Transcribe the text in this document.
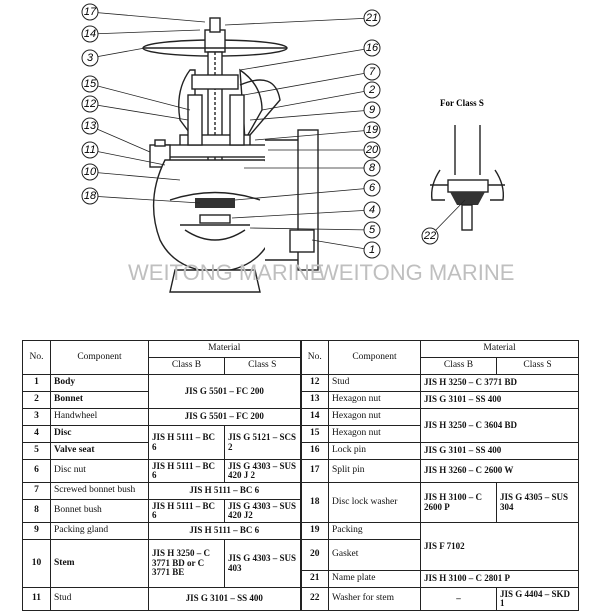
WEITONG MARINE
WEITONG MARINE
For Class S
17
14
3
15
12
13
11
10
18
21
16
7
2
9
19
20
8
6
4
5
1
22
No.	Component	Material		No.	Component	Material	
		Class B	Class S			Class B	Class S
1	Body	JIS G 5501 – FC 200		12	Stud	JIS H 3250 – C 3771 BD	
2	Bonnet			13	Hexagon nut	JIS G 3101 – SS 400	
3	Handwheel	JIS G 5501 – FC 200		14	Hexagon nut	JIS H 3250 – C 3604 BD	
4	Disc	JIS H 5111 – BC 6	JIS G 5121 – SCS 2	15	Hexagon nut		
5	Valve seat			16	Lock pin	JIS G 3101 – SS 400	
6	Disc nut	JIS H 5111 – BC 6	JIS G 4303 – SUS 420 J 2	17	Split pin	JIS H 3260 – C 2600 W	
7	Screwed bonnet bush	JIS H 5111 – BC 6		18	Disc lock washer	JIS H 3100 – C 2600 P	JIS G 4305 – SUS 304
8	Bonnet bush	JIS H 5111 – BC 6	JIS G 4303 – SUS 420 J2				
9	Packing gland	JIS H 5111 – BC 6		19	Packing	JIS F 7102	
10	Stem	JIS H 3250 – C 3771 BD or C 3771 BE	JIS G 4303 – SUS 403	20	Gasket		
				21	Name plate	JIS H 3100 – C 2801 P	
11	Stud	JIS G 3101 – SS 400		22	Washer for stem	–	JIS G 4404 – SKD 1
